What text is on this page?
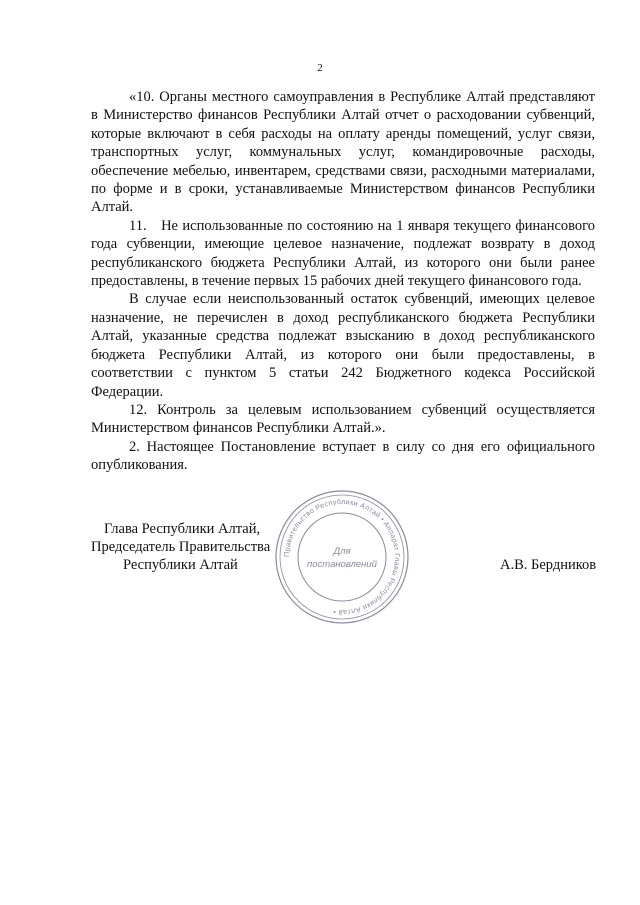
2

«10. Органы местного самоуправления в Республике Алтай представляют в Министерство финансов Республики Алтай отчет о расходовании субвенций, которые включают в себя расходы на оплату аренды помещений, услуг связи, транспортных услуг, коммунальных услуг, командировочные расходы, обеспечение мебелью, инвентарем, средствами связи, расходными материалами, по форме и в сроки, устанавливаемые Министерством финансов Республики Алтай.

11. Не использованные по состоянию на 1 января текущего финансового года субвенции, имеющие целевое назначение, подлежат возврату в доход республиканского бюджета Республики Алтай, из которого они были ранее предоставлены, в течение первых 15 рабочих дней текущего финансового года.

В случае если неиспользованный остаток субвенций, имеющих целевое назначение, не перечислен в доход республиканского бюджета Республики Алтай, указанные средства подлежат взысканию в доход республиканского бюджета Республики Алтай, из которого они были предоставлены, в соответствии с пунктом 5 статьи 242 Бюджетного кодекса Российской Федерации.

12. Контроль за целевым использованием субвенций осуществляется Министерством финансов Республики Алтай.».

2. Настоящее Постановление вступает в силу со дня его официального опубликования.

Глава Республики Алтай,
Председатель Правительства
Республики Алтай	А.В. Бердников
Правительство Республики Алтай • Аппарат Главы Республики Алтай •
Для
постановлений
